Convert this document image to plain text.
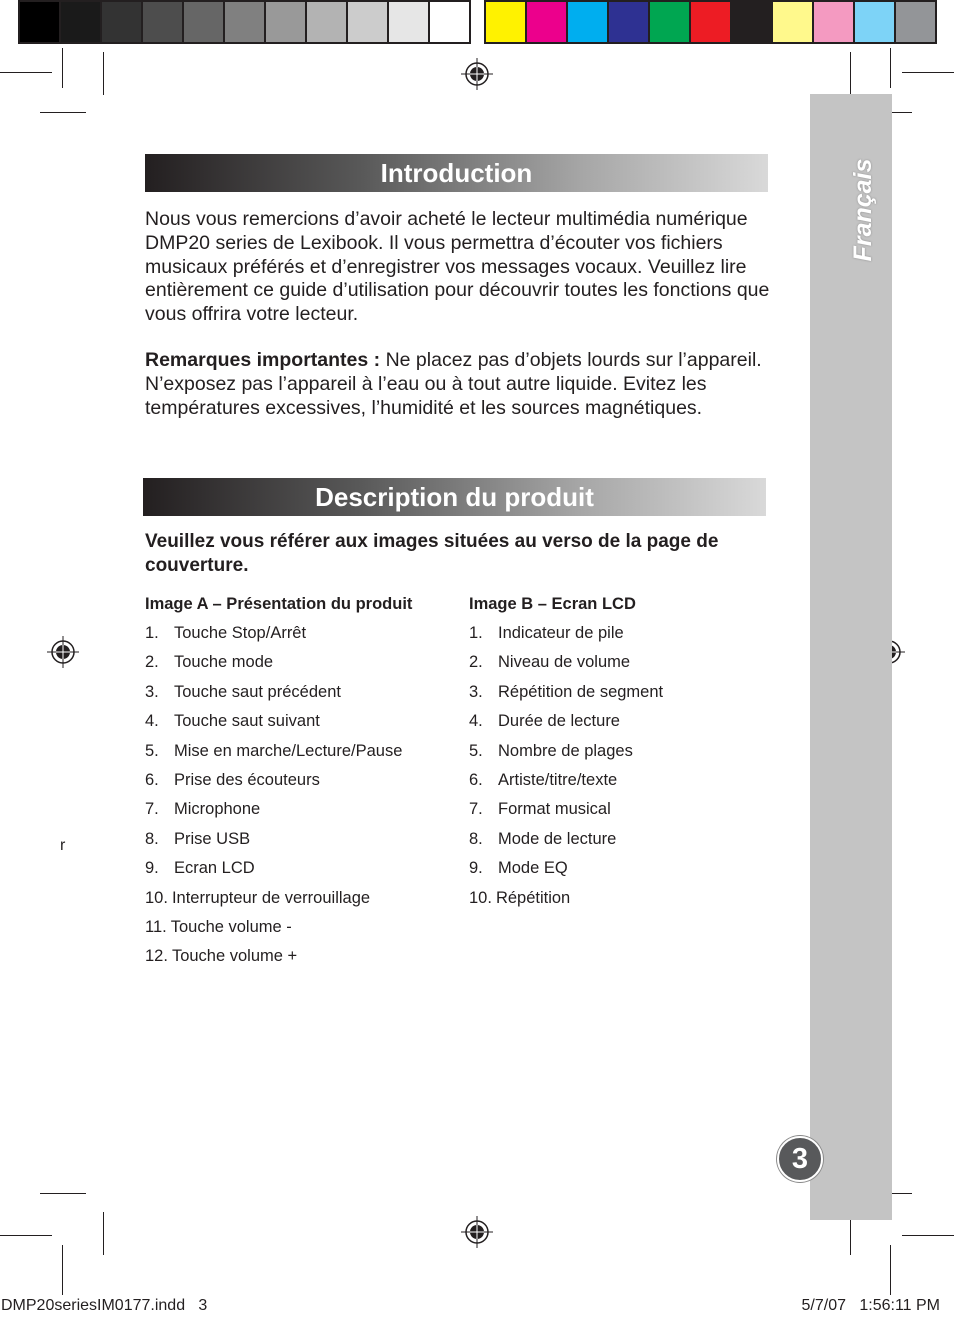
Français
3
Introduction

Nous vous remercions d’avoir acheté le lecteur multimédia numérique DMP20 series de Lexibook. Il vous permettra d’écouter vos fichiers musicaux préférés et d’enregistrer vos messages vocaux. Veuillez lire entièrement ce guide d’utilisation pour découvrir toutes les fonctions que vous offrira votre lecteur.

Remarques importantes : Ne placez pas d’objets lourds sur l’appareil. N’exposez pas l’appareil à l’eau ou à tout autre liquide. Evitez les températures excessives, l’humidité et les sources magnétiques.

Description du produit

Veuillez vous référer aux images situées au verso de la page de couverture.

Image A – Présentation du produit

1. Touche Stop/Arrêt
2. Touche mode
3. Touche saut précédent
4. Touche saut suivant
5. Mise en marche/Lecture/Pause
6. Prise des écouteurs
7. Microphone
8. Prise USB
9. Ecran LCD
10. Interrupteur de verrouillage
11. Touche volume -
12. Touche volume +

Image B – Ecran LCD

1. Indicateur de pile
2. Niveau de volume
3. Répétition de segment
4. Durée de lecture
5. Nombre de plages
6. Artiste/titre/texte
7. Format musical
8. Mode de lecture
9. Mode EQ
10. Répétition
r
DMP20seriesIM0177.indd   3	5/7/07   1:56:11 PM
